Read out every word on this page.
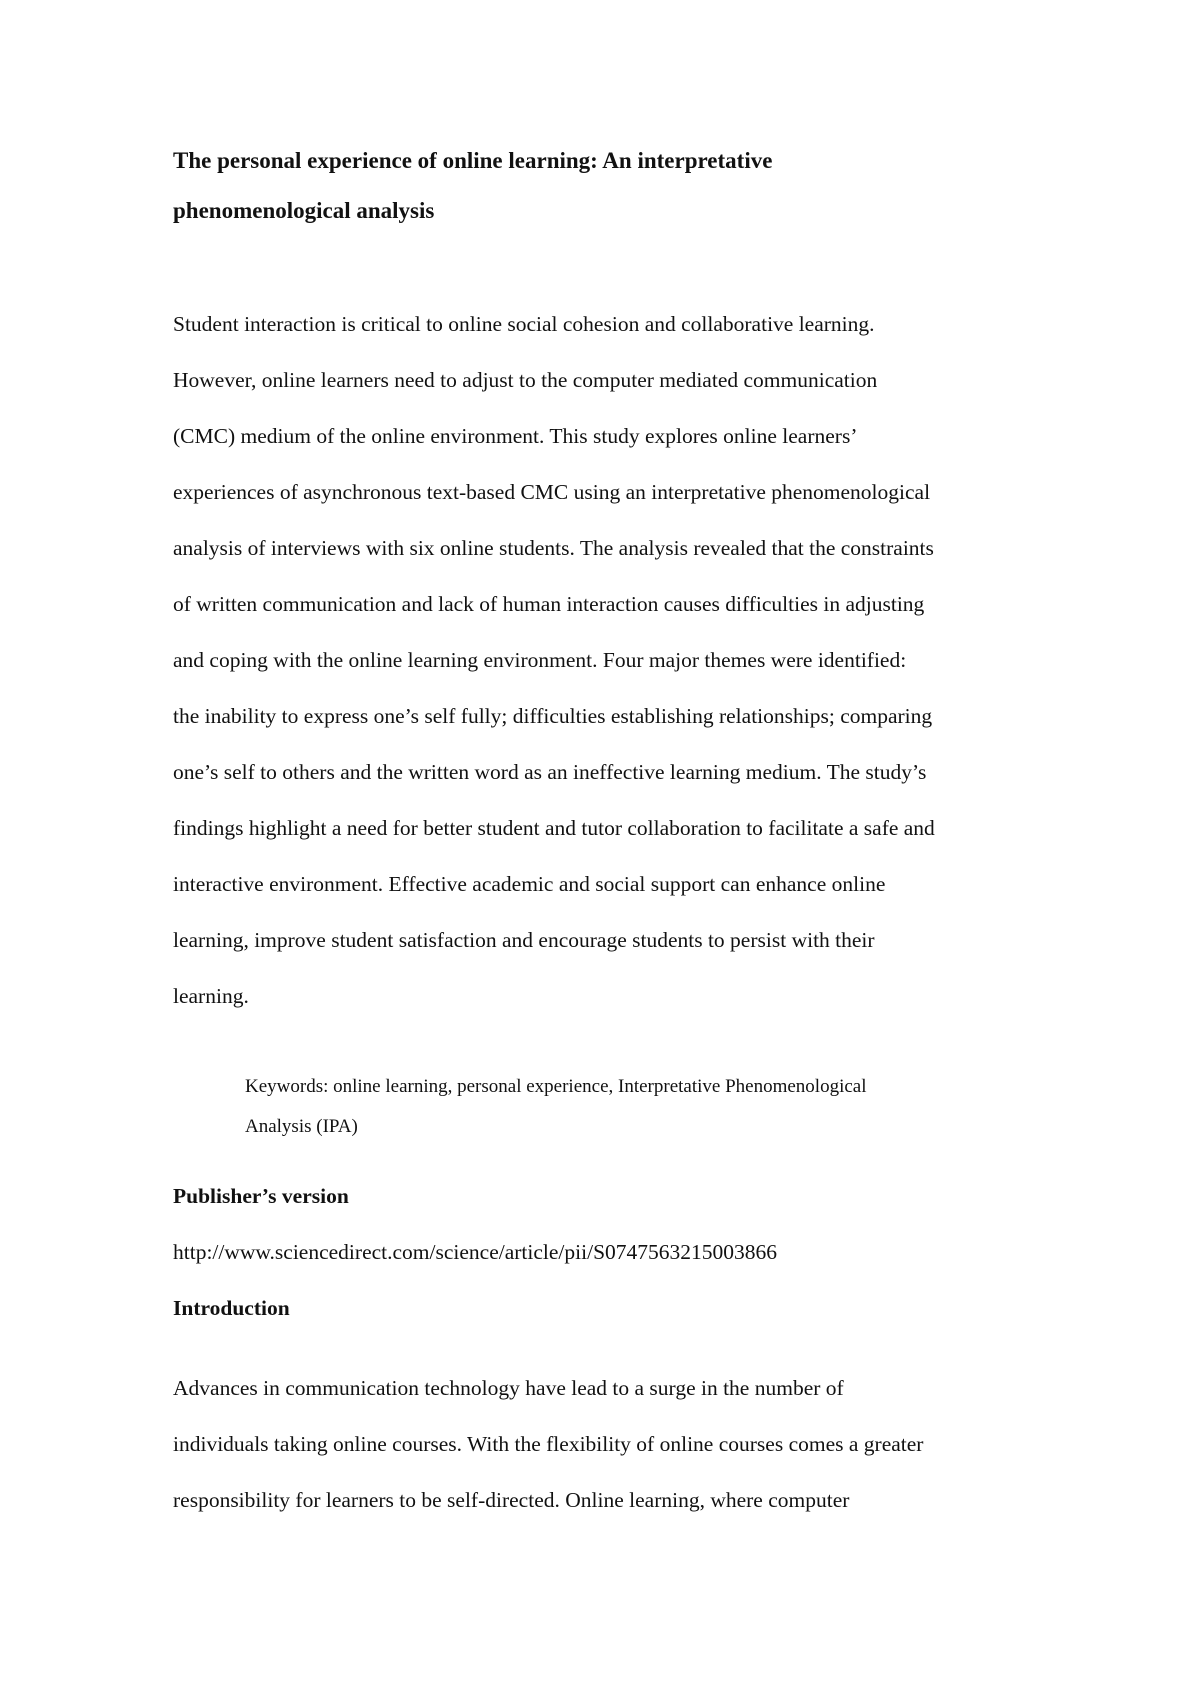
The personal experience of online learning: An interpretative
phenomenological analysis
Student interaction is critical to online social cohesion and collaborative learning.
However, online learners need to adjust to the computer mediated communication
(CMC) medium of the online environment. This study explores online learners’
experiences of asynchronous text-based CMC using an interpretative phenomenological
analysis of interviews with six online students. The analysis revealed that the constraints
of written communication and lack of human interaction causes difficulties in adjusting
and coping with the online learning environment. Four major themes were identified:
the inability to express one’s self fully; difficulties establishing relationships; comparing
one’s self to others and the written word as an ineffective learning medium. The study’s
findings highlight a need for better student and tutor collaboration to facilitate a safe and
interactive environment. Effective academic and social support can enhance online
learning, improve student satisfaction and encourage students to persist with their
learning.
Keywords: online learning, personal experience, Interpretative Phenomenological
Analysis (IPA)
Publisher’s version
http://www.sciencedirect.com/science/article/pii/S0747563215003866
Introduction
Advances in communication technology have lead to a surge in the number of
individuals taking online courses. With the flexibility of online courses comes a greater
responsibility for learners to be self-directed. Online learning, where computer
